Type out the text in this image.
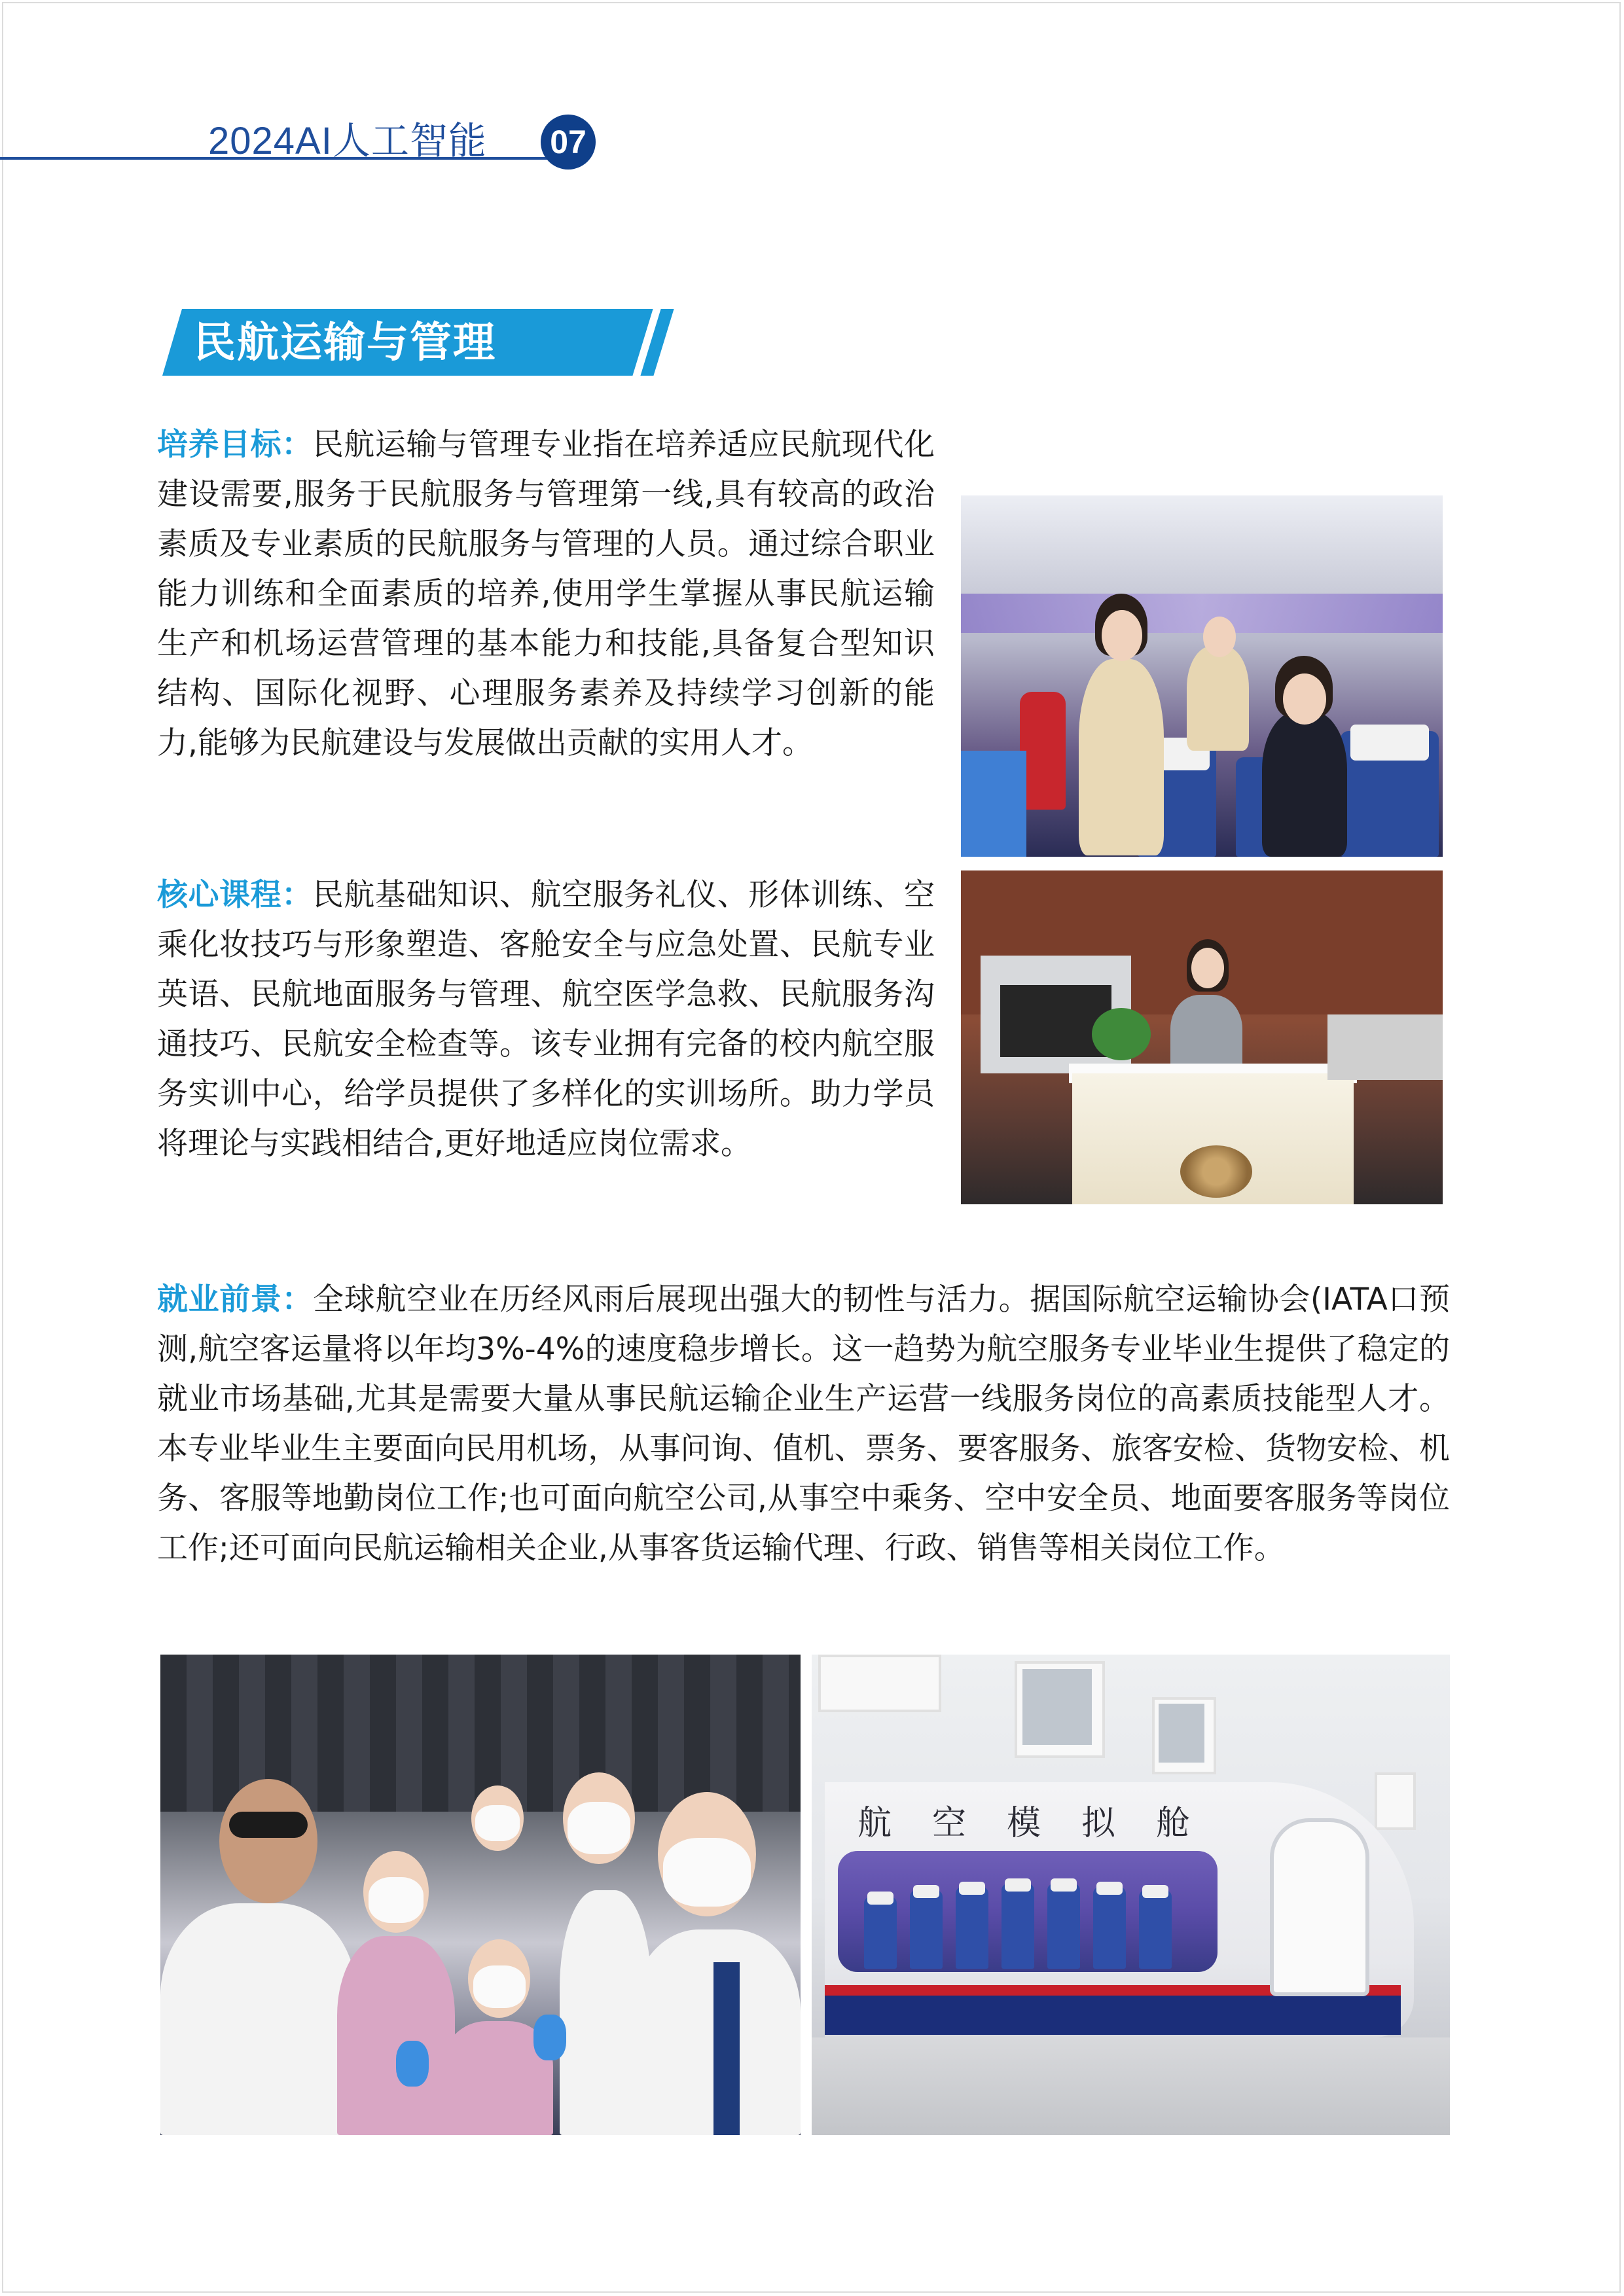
2024AI人工智能 07
民航运输与管理

培养目标：民航运输与管理专业指在培养适应民航现代化建设需要,服务于民航服务与管理第一线,具有较高的政治素质及专业素质的民航服务与管理的人员。通过综合职业能力训练和全面素质的培养,使用学生掌握从事民航运输生产和机场运营管理的基本能力和技能,具备复合型知识结构、国际化视野、心理服务素养及持续学习创新的能力,能够为民航建设与发展做出贡献的实用人才。

核心课程：民航基础知识、航空服务礼仪、形体训练、空乘化妆技巧与形象塑造、客舱安全与应急处置、民航专业英语、民航地面服务与管理、航空医学急救、民航服务沟通技巧、民航安全检查等。该专业拥有完备的校内航空服务实训中心，给学员提供了多样化的实训场所。助力学员将理论与实践相结合,更好地适应岗位需求。

就业前景：全球航空业在历经风雨后展现出强大的韧性与活力。据国际航空运输协会(IATA口预测,航空客运量将以年均3%-4%的速度稳步增长。这一趋势为航空服务专业毕业生提供了稳定的就业市场基础,尤其是需要大量从事民航运输企业生产运营一线服务岗位的高素质技能型人才。本专业毕业生主要面向民用机场，从事问询、值机、票务、要客服务、旅客安检、货物安检、机务、客服等地勤岗位工作;也可面向航空公司,从事空中乘务、空中安全员、地面要客服务等岗位工作;还可面向民航运输相关企业,从事客货运输代理、行政、销售等相关岗位工作。

航空模拟舱
